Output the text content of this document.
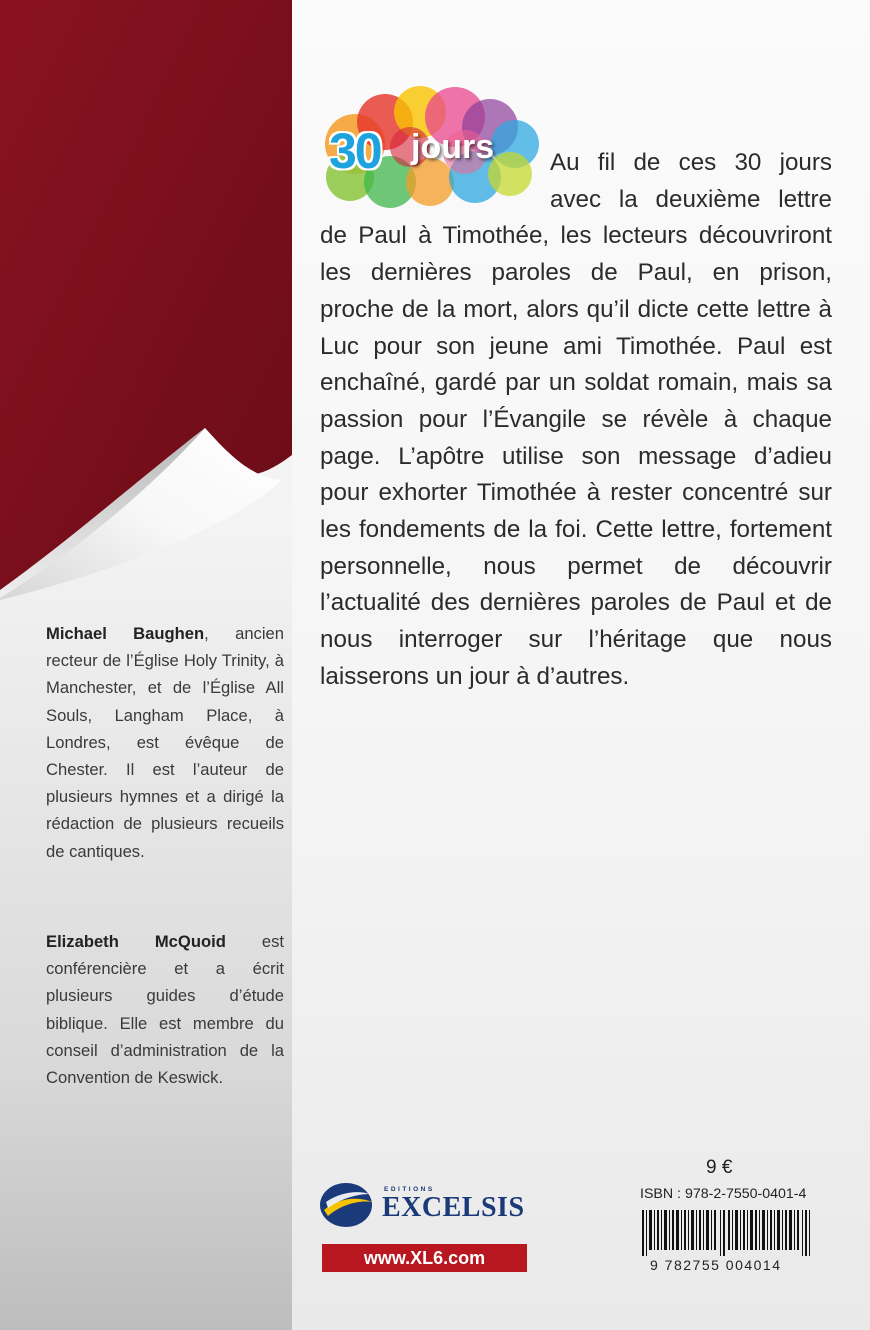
30 jours	Au fil de ces 30 jours avec la deuxième lettre de Paul à Timothée, les lecteurs découvriront les dernières paroles de Paul, en prison, proche de la mort, alors qu’il dicte cette lettre à Luc pour son jeune ami Timothée. Paul est enchaîné, gardé par un soldat romain, mais sa passion pour l’Évangile se révèle à chaque page. L’apôtre utilise son message d’adieu pour exhorter Timothée à rester concentré sur les fondements de la foi. Cette lettre, fortement personnelle, nous permet de découvrir l’actualité des dernières paroles de Paul et de nous interroger sur l’héritage que nous laisserons un jour à d’autres.

Michael Baughen, ancien recteur de l’Église Holy Trinity, à Manchester, et de l’Église All Souls, Langham Place, à Londres, est évêque de Chester. Il est l’auteur de plusieurs hymnes et a dirigé la rédaction de plusieurs recueils de cantiques.

Elizabeth McQuoid est conférencière et a écrit plusieurs guides d’étude biblique. Elle est membre du conseil d’administration de la Convention de Keswick.

EDITIONS
EXCELSIS
www.XL6.com
9 €
ISBN : 978-2-7550-0401-4
9 782755 004014
